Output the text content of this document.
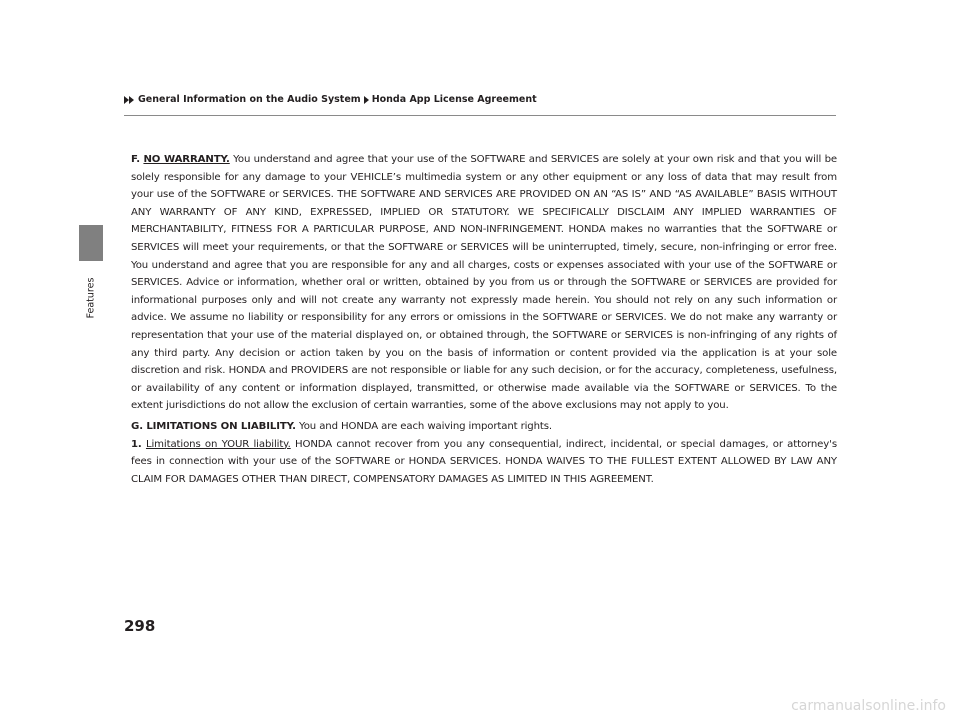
Features
General Information on the Audio System Honda App License Agreement

F. NO WARRANTY. You understand and agree that your use of the SOFTWARE and SERVICES are solely at your own risk and that you will be solely responsible for any damage to your VEHICLE’s multimedia system or any other equipment or any loss of data that may result from your use of the SOFTWARE or SERVICES. THE SOFTWARE AND SERVICES ARE PROVIDED ON AN “AS IS” AND “AS AVAILABLE” BASIS WITHOUT ANY WARRANTY OF ANY KIND, EXPRESSED, IMPLIED OR STATUTORY. WE SPECIFICALLY DISCLAIM ANY IMPLIED WARRANTIES OF MERCHANTABILITY, FITNESS FOR A PARTICULAR PURPOSE, AND NON-INFRINGEMENT. HONDA makes no warranties that the SOFTWARE or SERVICES will meet your requirements, or that the SOFTWARE or SERVICES will be uninterrupted, timely, secure, non-infringing or error free. You understand and agree that you are responsible for any and all charges, costs or expenses associated with your use of the SOFTWARE or SERVICES. Advice or information, whether oral or written, obtained by you from us or through the SOFTWARE or SERVICES are provided for informational purposes only and will not create any warranty not expressly made herein. You should not rely on any such information or advice. We assume no liability or responsibility for any errors or omissions in the SOFTWARE or SERVICES. We do not make any warranty or representation that your use of the material displayed on, or obtained through, the SOFTWARE or SERVICES is non-infringing of any rights of any third party. Any decision or action taken by you on the basis of information or content provided via the application is at your sole discretion and risk. HONDA and PROVIDERS are not responsible or liable for any such decision, or for the accuracy, completeness, usefulness, or availability of any content or information displayed, transmitted, or otherwise made available via the SOFTWARE or SERVICES. To the extent jurisdictions do not allow the exclusion of certain warranties, some of the above exclusions may not apply to you.

G. LIMITATIONS ON LIABILITY. You and HONDA are each waiving important rights.

1. Limitations on YOUR liability. HONDA cannot recover from you any consequential, indirect, incidental, or special damages, or attorney's fees in connection with your use of the SOFTWARE or HONDA SERVICES. HONDA WAIVES TO THE FULLEST EXTENT ALLOWED BY LAW ANY CLAIM FOR DAMAGES OTHER THAN DIRECT, COMPENSATORY DAMAGES AS LIMITED IN THIS AGREEMENT.

298
carmanualsonline.info
